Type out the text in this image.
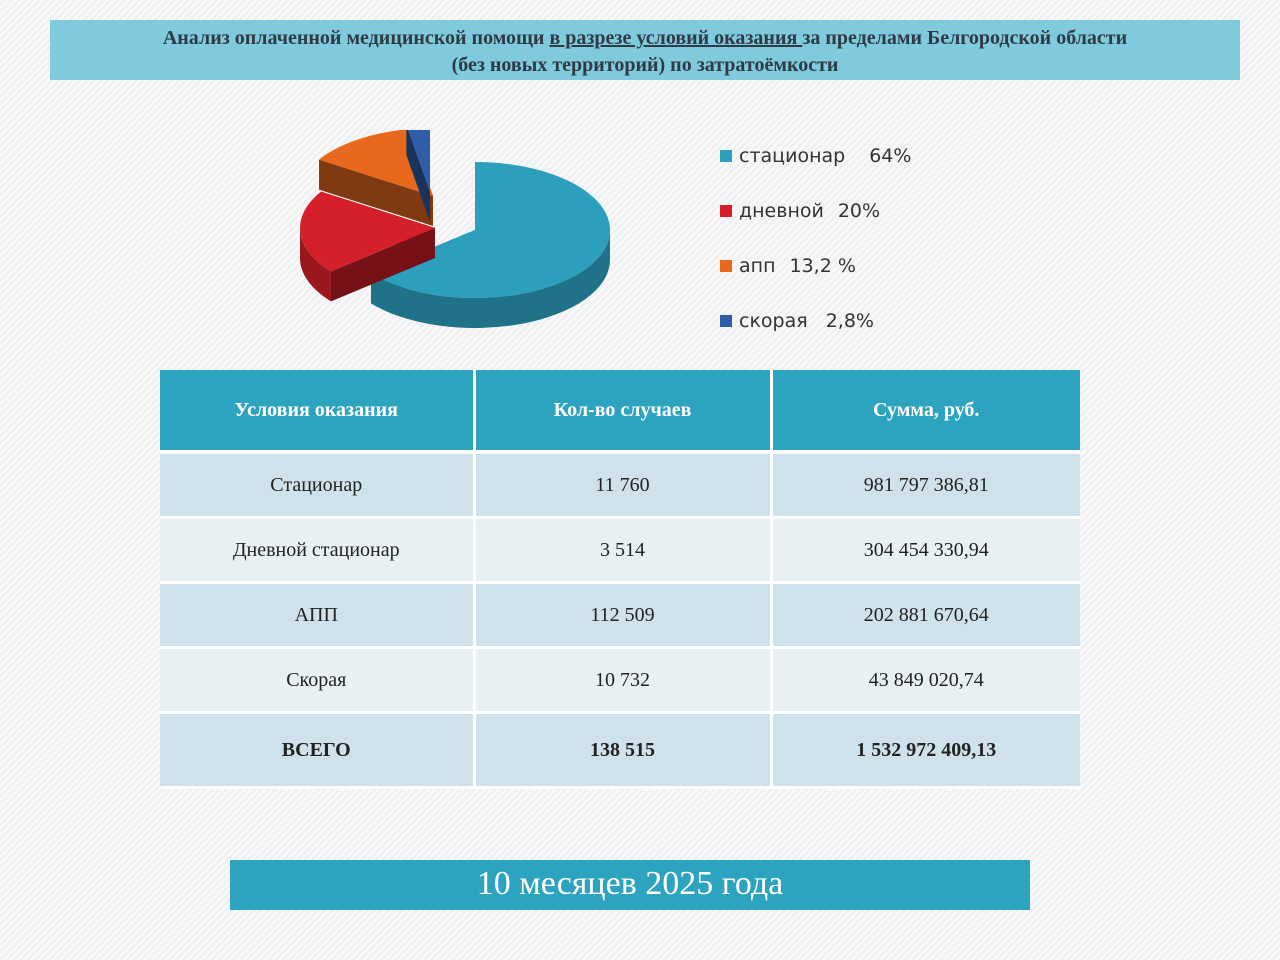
Анализ оплаченной медицинской помощи в разрезе условий оказания за пределами Белгородской области
(без новых территорий) по затратоёмкости
стационар 64%
дневной 20%
апп 13,2 %
скорая 2,8%
Условия оказания	Кол-во случаев	Сумма, руб.
Стационар	11 760	981 797 386,81
Дневной стационар	3 514	304 454 330,94
АПП	112 509	202 881 670,64
Скорая	10 732	43 849 020,74
ВСЕГО	138 515	1 532 972 409,13
10 месяцев 2025 года
